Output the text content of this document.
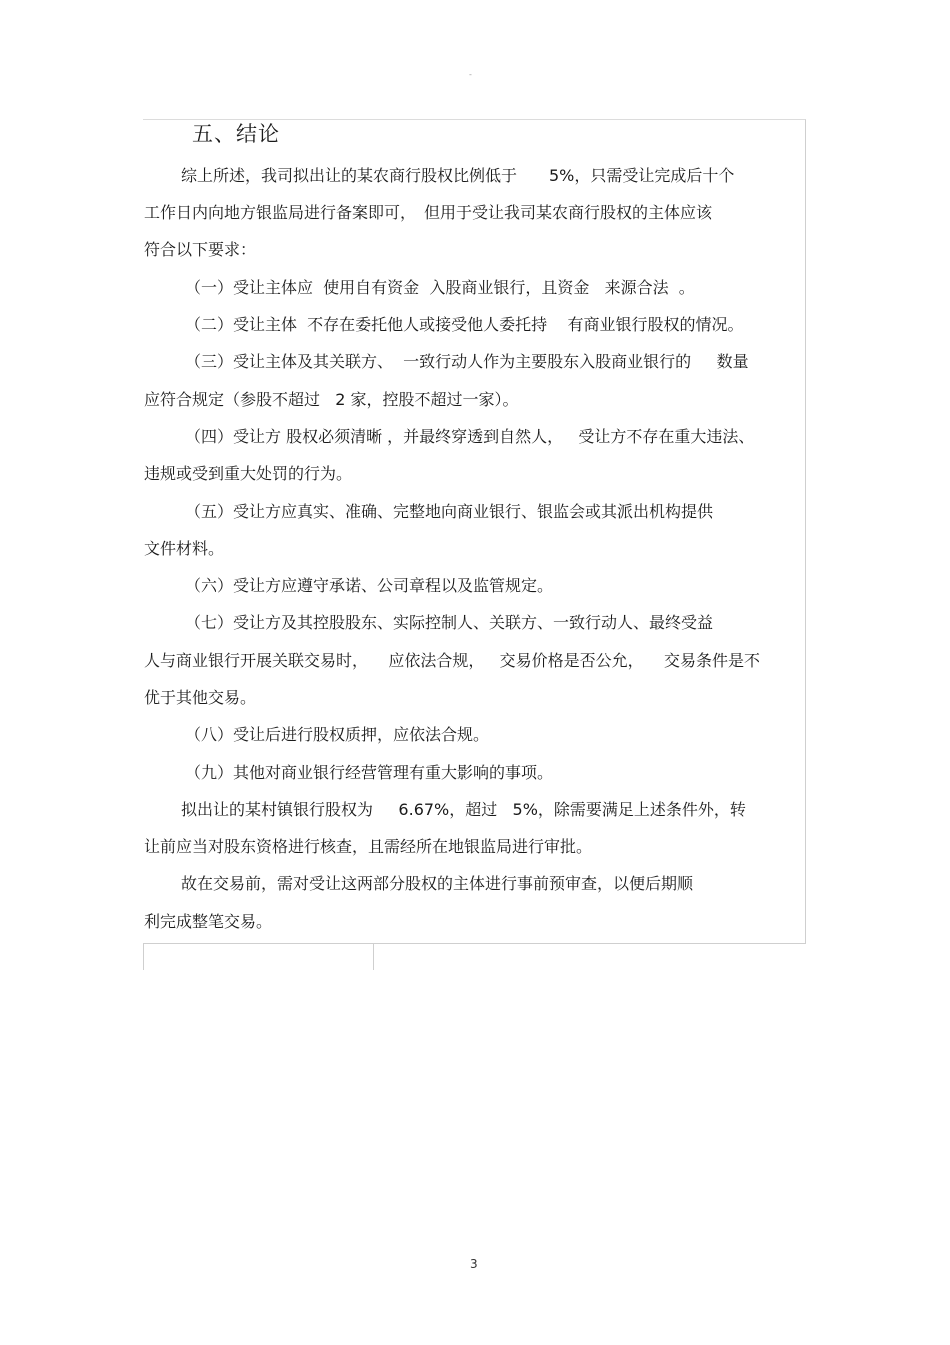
-
五、结论
综上所述，我司拟出让的某农商行股权比例低于　　5%，只需受让完成后十个
工作日内向地方银监局进行备案即可，　但用于受让我司某农商行股权的主体应该
符合以下要求：
（一）受让主体应  使用自有资金  入股商业银行，且资金   来源合法  。
（二）受让主体  不存在委托他人或接受他人委托持    有商业银行股权的情况。
（三）受让主体及其关联方、  一致行动人作为主要股东入股商业银行的     数量
应符合规定（参股不超过   2 家，控股不超过一家）。
（四）受让方 股权必须清晰 ，并最终穿透到自然人，   受让方不存在重大违法、
违规或受到重大处罚的行为。
（五）受让方应真实、准确、完整地向商业银行、银监会或其派出机构提供
文件材料。
（六）受让方应遵守承诺、公司章程以及监管规定。
（七）受让方及其控股股东、实际控制人、关联方、一致行动人、最终受益
人与商业银行开展关联交易时，    应依法合规，   交易价格是否公允，    交易条件是不
优于其他交易。
（八）受让后进行股权质押，应依法合规。
（九）其他对商业银行经营管理有重大影响的事项。
拟出让的某村镇银行股权为     6.67%，超过   5%，除需要满足上述条件外，转
让前应当对股东资格进行核查，且需经所在地银监局进行审批。
故在交易前，需对受让这两部分股权的主体进行事前预审查，以便后期顺
利完成整笔交易。
3
